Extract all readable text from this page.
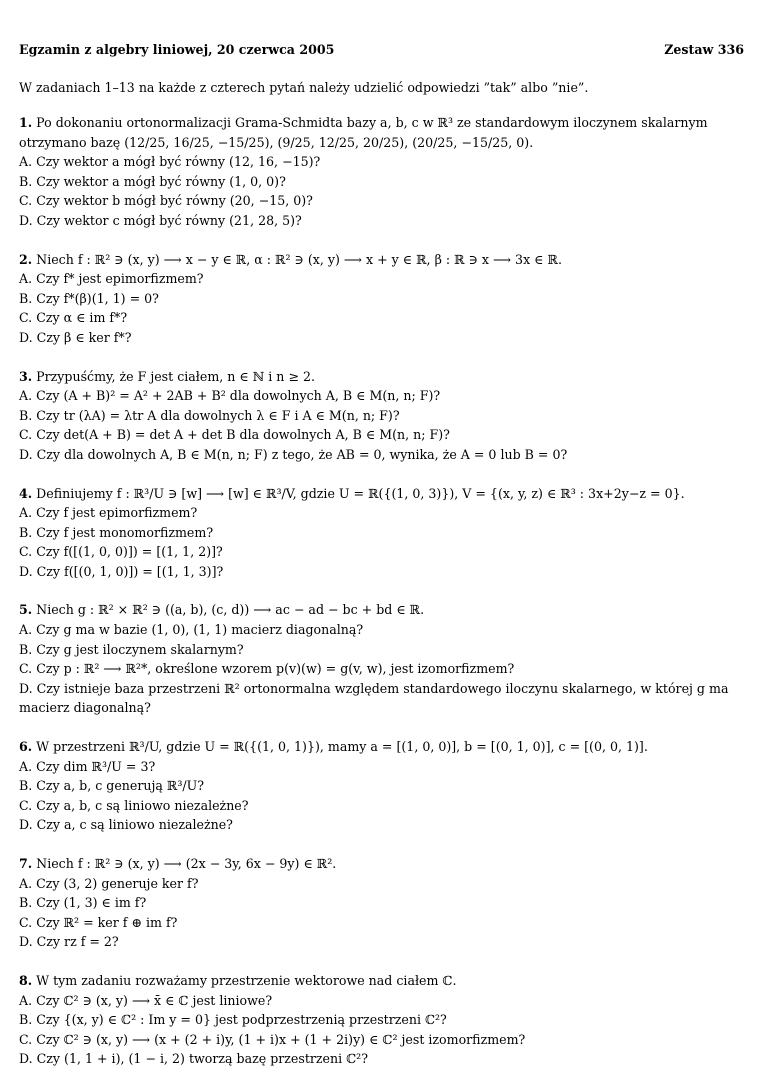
Egzamin z algebry liniowej, 20 czerwca 2005	Zestaw 336
W zadaniach 1–13 na każde z czterech pytań należy udzielić odpowiedzi ”tak” albo ”nie”.
1. Po dokonaniu ortonormalizacji Grama-Schmidta bazy a, b, c w ℝ³ ze standardowym iloczynem skalarnym otrzymano bazę (12/25, 16/25, −15/25), (9/25, 12/25, 20/25), (20/25, −15/25, 0).
A. Czy wektor a mógł być równy (12, 16, −15)?
B. Czy wektor a mógł być równy (1, 0, 0)?
C. Czy wektor b mógł być równy (20, −15, 0)?
D. Czy wektor c mógł być równy (21, 28, 5)?
2. Niech f : ℝ² ∋ (x, y) ⟶ x − y ∈ ℝ, α : ℝ² ∋ (x, y) ⟶ x + y ∈ ℝ, β : ℝ ∋ x ⟶ 3x ∈ ℝ.
A. Czy f* jest epimorfizmem?
B. Czy f*(β)(1, 1) = 0?
C. Czy α ∈ im f*?
D. Czy β ∈ ker f*?
3. Przypuśćmy, że F jest ciałem, n ∈ ℕ i n ≥ 2.
A. Czy (A + B)² = A² + 2AB + B² dla dowolnych A, B ∈ M(n, n; F)?
B. Czy tr (λA) = λtr A dla dowolnych λ ∈ F i A ∈ M(n, n; F)?
C. Czy det(A + B) = det A + det B dla dowolnych A, B ∈ M(n, n; F)?
D. Czy dla dowolnych A, B ∈ M(n, n; F) z tego, że AB = 0, wynika, że A = 0 lub B = 0?
4. Definiujemy f : ℝ³/U ∋ [w] ⟶ [w] ∈ ℝ³/V, gdzie U = ℝ({(1, 0, 3)}), V = {(x, y, z) ∈ ℝ³ : 3x+2y−z = 0}.
A. Czy f jest epimorfizmem?
B. Czy f jest monomorfizmem?
C. Czy f([(1, 0, 0)]) = [(1, 1, 2)]?
D. Czy f([(0, 1, 0)]) = [(1, 1, 3)]?
5. Niech g : ℝ² × ℝ² ∋ ((a, b), (c, d)) ⟶ ac − ad − bc + bd ∈ ℝ.
A. Czy g ma w bazie (1, 0), (1, 1) macierz diagonalną?
B. Czy g jest iloczynem skalarnym?
C. Czy p : ℝ² ⟶ ℝ²*, określone wzorem p(v)(w) = g(v, w), jest izomorfizmem?
D. Czy istnieje baza przestrzeni ℝ² ortonormalna względem standardowego iloczynu skalarnego, w której g ma macierz diagonalną?
6. W przestrzeni ℝ³/U, gdzie U = ℝ({(1, 0, 1)}), mamy a = [(1, 0, 0)], b = [(0, 1, 0)], c = [(0, 0, 1)].
A. Czy dim ℝ³/U = 3?
B. Czy a, b, c generują ℝ³/U?
C. Czy a, b, c są liniowo niezależne?
D. Czy a, c są liniowo niezależne?
7. Niech f : ℝ² ∋ (x, y) ⟶ (2x − 3y, 6x − 9y) ∈ ℝ².
A. Czy (3, 2) generuje ker f?
B. Czy (1, 3) ∈ im f?
C. Czy ℝ² = ker f ⊕ im f?
D. Czy rz f = 2?
8. W tym zadaniu rozważamy przestrzenie wektorowe nad ciałem ℂ.
A. Czy ℂ² ∋ (x, y) ⟶ x̄ ∈ ℂ jest liniowe?
B. Czy {(x, y) ∈ ℂ² : Im y = 0} jest podprzestrzenią przestrzeni ℂ²?
C. Czy ℂ² ∋ (x, y) ⟶ (x + (2 + i)y, (1 + i)x + (1 + 2i)y) ∈ ℂ² jest izomorfizmem?
D. Czy (1, 1 + i), (1 − i, 2) tworzą bazę przestrzeni ℂ²?
